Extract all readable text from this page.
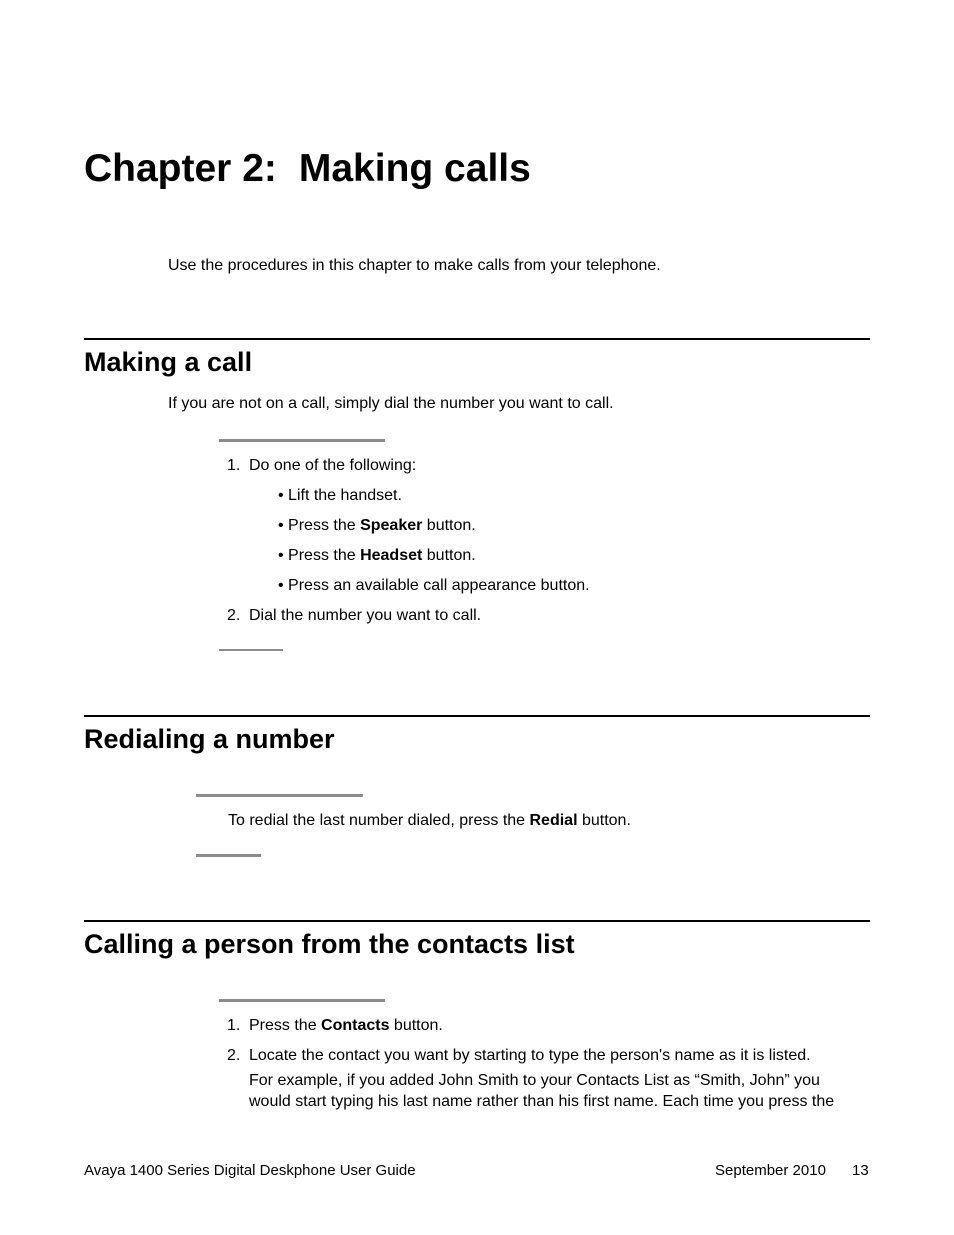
Chapter 2: Making calls
Use the procedures in this chapter to make calls from your telephone.
Making a call
If you are not on a call, simply dial the number you want to call.
1. Do one of the following:
• Lift the handset.
• Press the Speaker button.
• Press the Headset button.
• Press an available call appearance button.
2. Dial the number you want to call.
Redialing a number
To redial the last number dialed, press the Redial button.
Calling a person from the contacts list
1. Press the Contacts button.
2. Locate the contact you want by starting to type the person's name as it is listed.
For example, if you added John Smith to your Contacts List as “Smith, John” you
would start typing his last name rather than his first name. Each time you press the
Avaya 1400 Series Digital Deskphone User Guide	September 2010 13
